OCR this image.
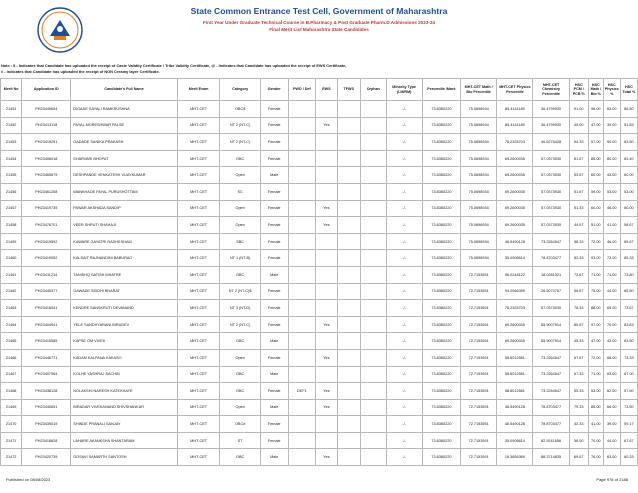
State Common Entrance Test Cell, Government of Maharashtra
First Year Under Graduate Technical Course in B.Pharmacy & Post Graduate Pharm.D Admissions 2023-24
Final Merit List Maharashtra State Candidates
Note : $ - Indicates that Candidate has uploaded the receipt of Caste Validity Certificate / Tribe Validity Certificate, @ - Indicates that Candidate has uploaded the receipt of EWS Certificate,
# - Indicates that Candidate has uploaded the receipt of NON Creamy layer Certificate.
Merit No	Application ID	Candidate's Full Name	Merit Exam	Category	Gender	PWD / Def	EWS	TFWS	Orphan	Minority Type (LM/RM)	Percentile /Mark	MHT-CET Math / Bio Percentile	MHT-CET Physics Percentile	MHT-CET Chemistry Percentile	HSC PCM / PCB %	HSC Math / Bio %	HSC Physics %	HSC Total %
21451	PH23449654	DIGADE SAYALI RAMKRUSHNA	MHT-CET	OBC$	Female					-/-	73.8380220	75.0698934	85.4141185	36.4799930	91.00	96.00	83.00	86.50
21452	PH23413118	PAYAL MORESHWAR PALSE	MHT-CET	NT 2 (NT-C)	Female		Yes			-/-	73.8380220	75.0698934	85.4141185	36.4799930	45.00	47.00	39.00	51.83
21453	PH23419291	GADADE SANIKA PRAKASH	MHT-CET	NT 2 (NT-C)	Female					-/-	73.8380220	75.0698934	78.2325703	46.6276428	54.33	57.00	50.00	63.50
21454	PH23406018	SHARVARI BHOPAT	MHT-CET	OBC	Female					-/-	73.8380220	75.0698934	69.2600035	57.0373930	81.67	85.00	80.00	83.40
21455	PH23465879	DESHPANDE VENKATESH VIJAYKUMAR	MHT-CET	Open	Male					-/-	73.8380220	75.0698934	69.2600035	57.0373930	53.67	60.00	43.00	60.00
21456	PH23461208	WANKHADE PAYAL PURUSHOTTAM	MHT-CET	SC	Female					-/-	73.8380220	75.0698934	69.2600035	57.0373930	51.67	59.00	53.00	53.00
21457	PH23419735	PAWAR AKSHADA SANDIP	MHT-CET	Open	Female		Yes			-/-	73.8380220	75.0698934	69.2600035	57.0373930	51.33	60.00	46.00	60.00
21458	PH23476701	VEER SHRUTI SHAHAJI	MHT-CET	Open	Female		Yes			-/-	73.8380220	75.0698934	69.2600035	57.0373930	44.67	51.00	41.00	58.67
21459	PH23419592	KAWARE GAYATRI RADHESHAM	MHT-CET	SBC	Female					-/-	73.8380220	75.0698934	46.5490128	73.2264547	58.33	72.00	46.00	65.67
21460	PH23419052	KALSAIT RAJNANDINI BABURAO	MHT-CET	NT 1 (NT-B)	Female					-/-	73.8380220	75.0698934	35.0908614	78.8703477	82.33	93.00	73.00	85.33
21461	PH23411214	TANISHQ SATISH MHATRE	MHT-CET	OBC	Male					-/-	73.8380220	72.7153591	96.0248122	18.0281321	72.67	71.00	71.00	73.80
21462	PH23445377	GAWADE SIDDHI BHARAT	MHT-CET	NT 2 (NT-C)$	Female					-/-	73.8380220	72.7153591	94.0066399	26.5070767	56.67	75.00	44.00	65.50
21463	PH23416041	KENDRE SANSKRUTI DEVANAND	MHT-CET	NT 3 (NT-D)	Female					-/-	73.8380220	72.7153591	78.2325703	57.0373930	76.33	88.00	69.00	73.67
21464	PH23404941	YELE SANDHYARANI BIRUDEV	MHT-CET	NT 2 (NT-C)	Female		Yes			-/-	73.8380220	72.7153591	69.2600035	65.9007514	80.67	97.00	70.00	83.83
21465	PH23415585	KAPSE OM VIVEK	MHT-CET	OBC	Male					-/-	73.8380220	72.7153591	69.2600035	65.9007514	45.33	47.00	43.00	63.50
21466	PH23446771	KADAM KALPANA KAKASO	MHT-CET	Open	Female		Yes			-/-	73.8380220	72.7153591	58.6012581	73.2264547	67.67	72.00	68.00	73.33
21467	PH23407964	KOLHE YASHRAJ SACHIN	MHT-CET	OBC	Male					-/-	73.8380220	72.7153591	58.6012581	73.2264547	67.33	71.00	63.00	67.00
21468	PH23438128	NOLAKSHI NARESH KATEKHAYE	MHT-CET	OBC	Female	DEF1	Yes			-/-	73.8380220	72.7153591	58.6012581	73.2264547	55.33	53.00	62.00	57.60
21469	PH23440651	BIRADAR VIVEKANAND SHIVSHANKAR	MHT-CET	Open	Male		Yes			-/-	73.8380220	72.7153591	46.5490128	78.8703477	79.33	85.00	66.00	73.50
21470	PH23439019	SHINDE PRANALI SANJAY	MHT-CET	OBC#	Female					-/-	73.8380220	72.7153591	46.5490128	78.8703477	42.33	41.00	39.00	59.17
21471	PH23418828	LAHARE AKANKSHA SHANTARAM	MHT-CET	ST	Female					-/-	73.8380220	72.7153591	35.0908614	82.9241656	56.00	70.00	44.00	67.67
21472	PH23420739	GOSAVI SAMARTH SANTOSH	MHT-CET	OBC	Male		Yes			-/-	73.8380220	72.7153591	16.3856369	88.3714835	69.67	76.00	63.00	60.33
Published on 08/08/2023	Page 976 of 2188
